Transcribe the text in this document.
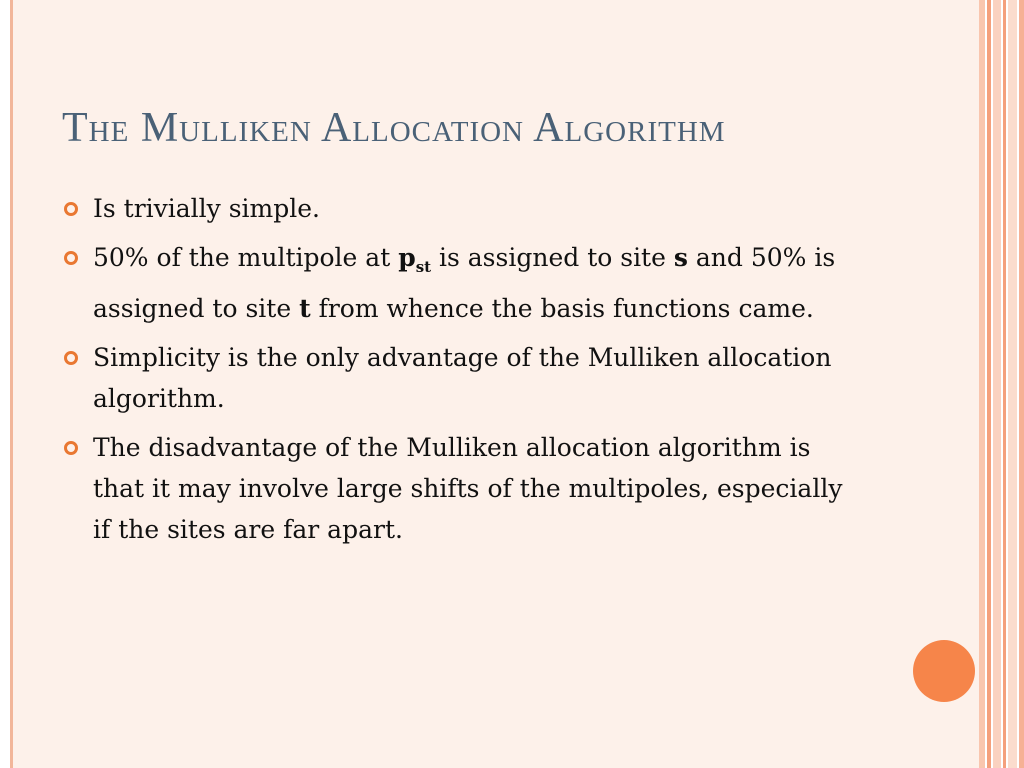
The Mulliken Allocation Algorithm
Is trivially simple.
50% of the multipole at $p_{st}$ is assigned to site s and 50% is assigned to site t from whence the basis functions came.
Simplicity is the only advantage of the Mulliken allocation algorithm.
The disadvantage of the Mulliken allocation algorithm is that it may involve large shifts of the multipoles, especially if the sites are far apart.
